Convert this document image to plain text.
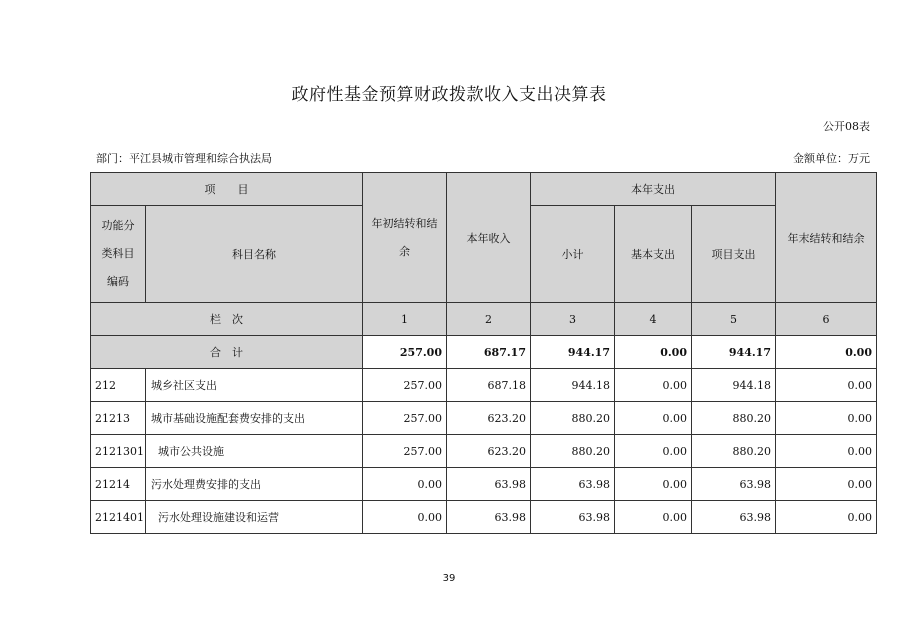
政府性基金预算财政拨款收入支出决算表
公开08表
部门：平江县城市管理和综合执法局	金额单位：万元
项　　目		年初结转和结
余	本年收入	本年支出			年末结转和结余
功能分
类科目
编码	科目名称			小计	基本支出	项目支出	
栏　次		1	2	3	4	5	6
合　计		257.00	687.17	944.17	0.00	944.17	0.00
212	城乡社区支出	257.00	687.18	944.18	0.00	944.18	0.00
21213	城市基础设施配套费安排的支出	257.00	623.20	880.20	0.00	880.20	0.00
2121301	城市公共设施	257.00	623.20	880.20	0.00	880.20	0.00
21214	污水处理费安排的支出	0.00	63.98	63.98	0.00	63.98	0.00
2121401	污水处理设施建设和运营	0.00	63.98	63.98	0.00	63.98	0.00
39
